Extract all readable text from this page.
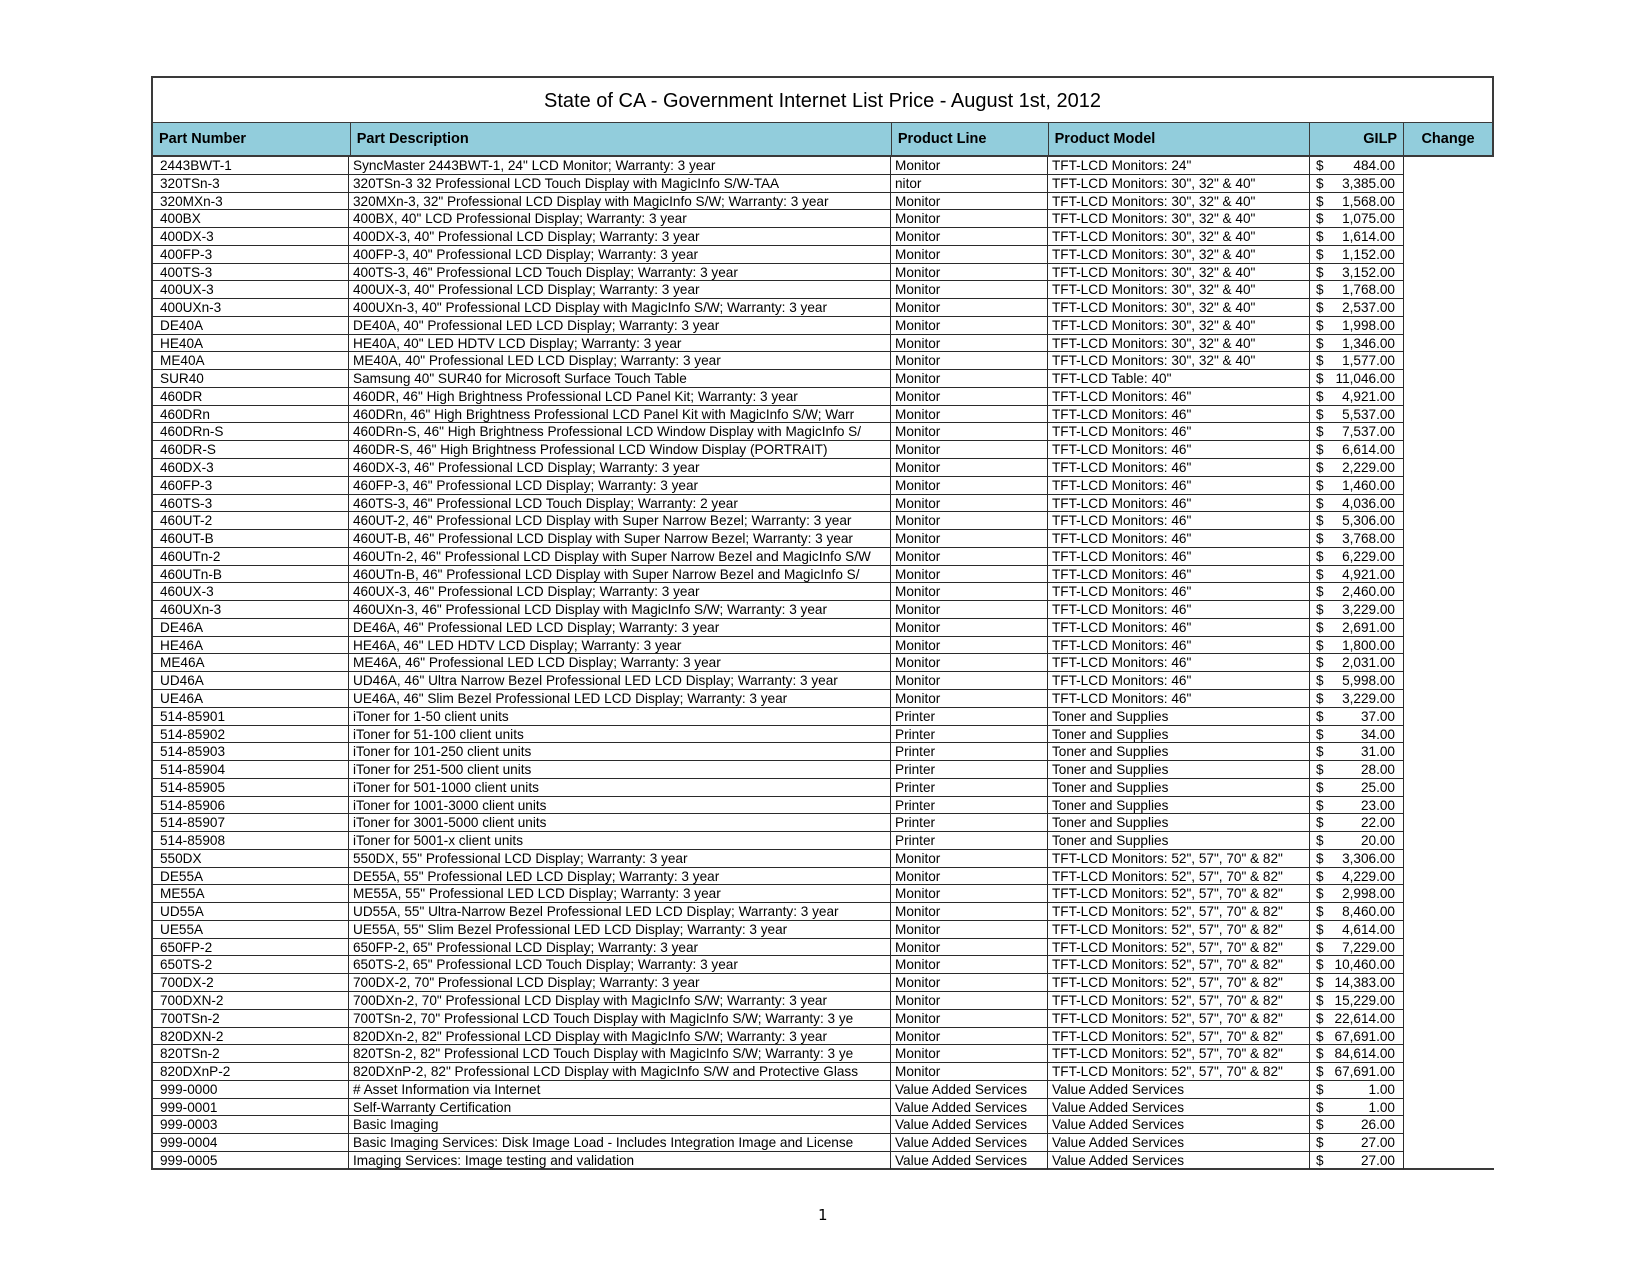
State of CA - Government Internet List Price - August 1st, 2012
Part Number	Part Description	Product Line	Product Model	GILP	Change
2443BWT-1	SyncMaster 2443BWT-1, 24" LCD Monitor; Warranty: 3 year	Monitor	TFT-LCD Monitors: 24"	$ 484.00
320TSn-3	320TSn-3 32 Professional LCD Touch Display with MagicInfo S/W-TAA	nitor	TFT-LCD Monitors: 30", 32" & 40"	$ 3,385.00
320MXn-3	320MXn-3, 32" Professional LCD Display with MagicInfo S/W; Warranty: 3 year	Monitor	TFT-LCD Monitors: 30", 32" & 40"	$ 1,568.00
400BX	400BX, 40" LCD Professional Display; Warranty: 3 year	Monitor	TFT-LCD Monitors: 30", 32" & 40"	$ 1,075.00
400DX-3	400DX-3, 40" Professional LCD Display; Warranty: 3 year	Monitor	TFT-LCD Monitors: 30", 32" & 40"	$ 1,614.00
400FP-3	400FP-3, 40" Professional LCD Display; Warranty: 3 year	Monitor	TFT-LCD Monitors: 30", 32" & 40"	$ 1,152.00
400TS-3	400TS-3, 46" Professional LCD Touch Display; Warranty: 3 year	Monitor	TFT-LCD Monitors: 30", 32" & 40"	$ 3,152.00
400UX-3	400UX-3, 40" Professional LCD Display; Warranty: 3 year	Monitor	TFT-LCD Monitors: 30", 32" & 40"	$ 1,768.00
400UXn-3	400UXn-3, 40" Professional LCD Display with MagicInfo S/W; Warranty: 3 year	Monitor	TFT-LCD Monitors: 30", 32" & 40"	$ 2,537.00
DE40A	DE40A, 40" Professional LED LCD Display; Warranty: 3 year	Monitor	TFT-LCD Monitors: 30", 32" & 40"	$ 1,998.00
HE40A	HE40A, 40" LED HDTV LCD Display; Warranty: 3 year	Monitor	TFT-LCD Monitors: 30", 32" & 40"	$ 1,346.00
ME40A	ME40A, 40" Professional LED LCD Display; Warranty: 3 year	Monitor	TFT-LCD Monitors: 30", 32" & 40"	$ 1,577.00
SUR40	Samsung 40" SUR40 for Microsoft Surface Touch Table	Monitor	TFT-LCD Table: 40"	$ 11,046.00
460DR	460DR, 46" High Brightness Professional LCD Panel Kit; Warranty: 3 year	Monitor	TFT-LCD Monitors: 46"	$ 4,921.00
460DRn	460DRn, 46" High Brightness Professional LCD Panel Kit with MagicInfo S/W; Warr	Monitor	TFT-LCD Monitors: 46"	$ 5,537.00
460DRn-S	460DRn-S, 46" High Brightness Professional LCD Window Display with MagicInfo S/	Monitor	TFT-LCD Monitors: 46"	$ 7,537.00
460DR-S	460DR-S, 46" High Brightness Professional LCD Window Display (PORTRAIT)	Monitor	TFT-LCD Monitors: 46"	$ 6,614.00
460DX-3	460DX-3, 46" Professional LCD Display; Warranty: 3 year	Monitor	TFT-LCD Monitors: 46"	$ 2,229.00
460FP-3	460FP-3, 46" Professional LCD Display; Warranty: 3 year	Monitor	TFT-LCD Monitors: 46"	$ 1,460.00
460TS-3	460TS-3, 46" Professional LCD Touch Display; Warranty: 2 year	Monitor	TFT-LCD Monitors: 46"	$ 4,036.00
460UT-2	460UT-2, 46" Professional LCD Display with Super Narrow Bezel; Warranty: 3 year	Monitor	TFT-LCD Monitors: 46"	$ 5,306.00
460UT-B	460UT-B, 46" Professional LCD Display with Super Narrow Bezel; Warranty: 3 year	Monitor	TFT-LCD Monitors: 46"	$ 3,768.00
460UTn-2	460UTn-2, 46" Professional LCD Display with Super Narrow Bezel and MagicInfo S/W	Monitor	TFT-LCD Monitors: 46"	$ 6,229.00
460UTn-B	460UTn-B, 46" Professional LCD Display with Super Narrow Bezel and MagicInfo S/	Monitor	TFT-LCD Monitors: 46"	$ 4,921.00
460UX-3	460UX-3, 46" Professional LCD Display; Warranty: 3 year	Monitor	TFT-LCD Monitors: 46"	$ 2,460.00
460UXn-3	460UXn-3, 46" Professional LCD Display with MagicInfo S/W; Warranty: 3 year	Monitor	TFT-LCD Monitors: 46"	$ 3,229.00
DE46A	DE46A, 46" Professional LED LCD Display; Warranty: 3 year	Monitor	TFT-LCD Monitors: 46"	$ 2,691.00
HE46A	HE46A, 46" LED HDTV LCD Display; Warranty: 3 year	Monitor	TFT-LCD Monitors: 46"	$ 1,800.00
ME46A	ME46A, 46" Professional LED LCD Display; Warranty: 3 year	Monitor	TFT-LCD Monitors: 46"	$ 2,031.00
UD46A	UD46A, 46" Ultra Narrow Bezel Professional LED LCD Display; Warranty: 3 year	Monitor	TFT-LCD Monitors: 46"	$ 5,998.00
UE46A	UE46A, 46" Slim Bezel Professional LED LCD Display; Warranty: 3 year	Monitor	TFT-LCD Monitors: 46"	$ 3,229.00
514-85901	iToner for 1-50 client units	Printer	Toner and Supplies	$	37.00
514-85902	iToner for 51-100 client units	Printer	Toner and Supplies	$	34.00
514-85903	iToner for 101-250 client units	Printer	Toner and Supplies	$	31.00
514-85904	iToner for 251-500 client units	Printer	Toner and Supplies	$	28.00
514-85905	iToner for 501-1000 client units	Printer	Toner and Supplies	$	25.00
514-85906	iToner for 1001-3000 client units	Printer	Toner and Supplies	$	23.00
514-85907	iToner for 3001-5000 client units	Printer	Toner and Supplies	$	22.00
514-85908	iToner for 5001-x client units	Printer	Toner and Supplies	$	20.00
550DX	550DX, 55" Professional LCD Display; Warranty: 3 year	Monitor	TFT-LCD Monitors: 52", 57", 70" & 82"	$ 3,306.00
DE55A	DE55A, 55" Professional LED LCD Display; Warranty: 3 year	Monitor	TFT-LCD Monitors: 52", 57", 70" & 82"	$ 4,229.00
ME55A	ME55A, 55" Professional LED LCD Display; Warranty: 3 year	Monitor	TFT-LCD Monitors: 52", 57", 70" & 82"	$ 2,998.00
UD55A	UD55A, 55" Ultra-Narrow Bezel Professional LED LCD Display; Warranty: 3 year	Monitor	TFT-LCD Monitors: 52", 57", 70" & 82"	$ 8,460.00
UE55A	UE55A, 55" Slim Bezel Professional LED LCD Display; Warranty: 3 year	Monitor	TFT-LCD Monitors: 52", 57", 70" & 82"	$ 4,614.00
650FP-2	650FP-2, 65" Professional LCD Display; Warranty: 3 year	Monitor	TFT-LCD Monitors: 52", 57", 70" & 82"	$ 7,229.00
650TS-2	650TS-2, 65" Professional LCD Touch Display; Warranty: 3 year	Monitor	TFT-LCD Monitors: 52", 57", 70" & 82"	$ 10,460.00
700DX-2	700DX-2, 70" Professional LCD Display; Warranty: 3 year	Monitor	TFT-LCD Monitors: 52", 57", 70" & 82"	$ 14,383.00
700DXN-2	700DXn-2, 70" Professional LCD Display with MagicInfo S/W; Warranty: 3 year	Monitor	TFT-LCD Monitors: 52", 57", 70" & 82"	$ 15,229.00
700TSn-2	700TSn-2, 70" Professional LCD Touch Display with MagicInfo S/W; Warranty: 3 ye	Monitor	TFT-LCD Monitors: 52", 57", 70" & 82"	$ 22,614.00
820DXN-2	820DXn-2, 82" Professional LCD Display with MagicInfo S/W; Warranty: 3 year	Monitor	TFT-LCD Monitors: 52", 57", 70" & 82"	$ 67,691.00
820TSn-2	820TSn-2, 82" Professional LCD Touch Display with MagicInfo S/W; Warranty: 3 ye	Monitor	TFT-LCD Monitors: 52", 57", 70" & 82"	$ 84,614.00
820DXnP-2	820DXnP-2, 82" Professional LCD Display with MagicInfo S/W and Protective Glass	Monitor	TFT-LCD Monitors: 52", 57", 70" & 82"	$ 67,691.00
999-0000	# Asset Information via Internet	Value Added Services	Value Added Services	$	1.00
999-0001	Self-Warranty Certification	Value Added Services	Value Added Services	$	1.00
999-0003	Basic Imaging	Value Added Services	Value Added Services	$	26.00
999-0004	Basic Imaging Services: Disk Image Load - Includes Integration Image and License	Value Added Services	Value Added Services	$	27.00
999-0005	Imaging Services: Image testing and validation	Value Added Services	Value Added Services	$	27.00
1
